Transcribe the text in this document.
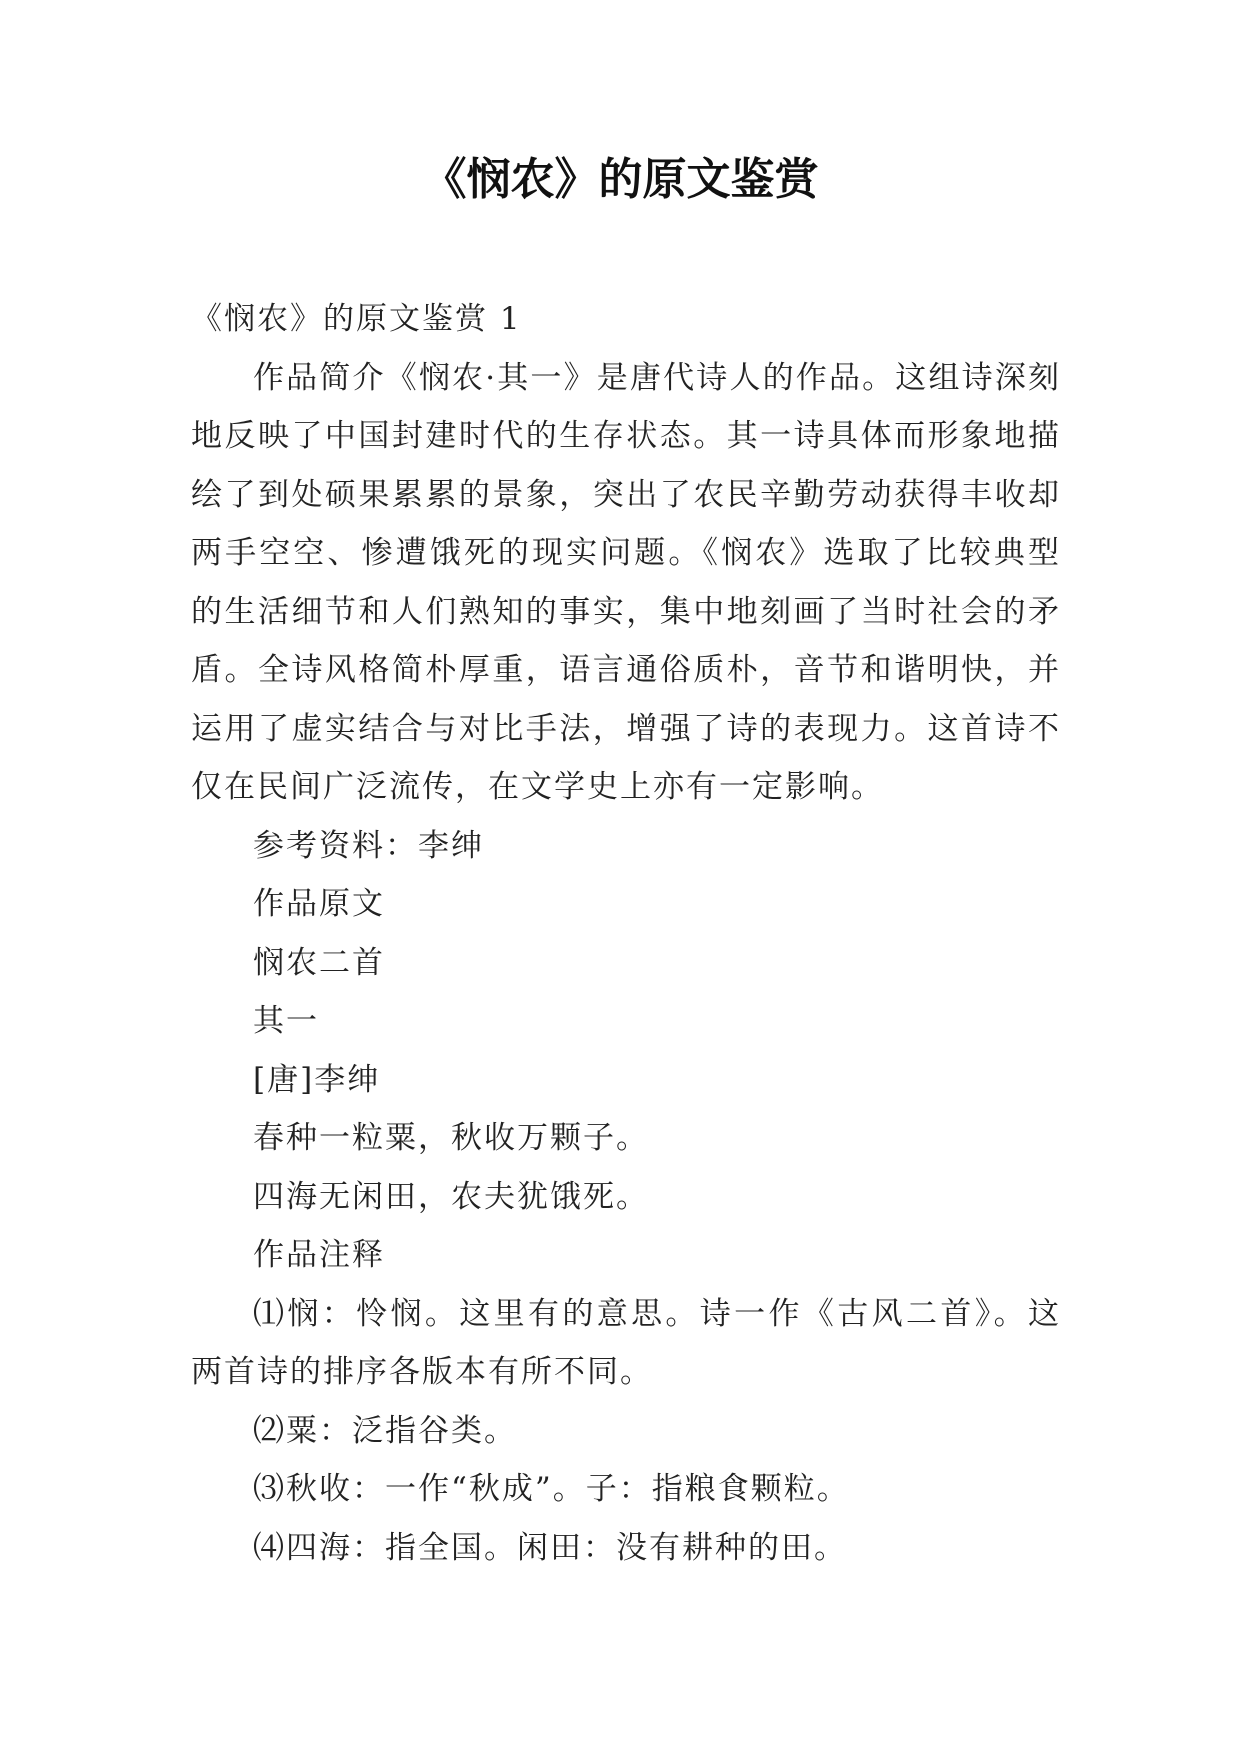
《悯农》的原文鉴赏

《悯农》的原文鉴赏 1

作品简介《悯农·其一》是唐代诗人的作品。这组诗深刻地反映了中国封建时代的生存状态。其一诗具体而形象地描绘了到处硕果累累的景象，突出了农民辛勤劳动获得丰收却两手空空、惨遭饿死的现实问题。《悯农》选取了比较典型的生活细节和人们熟知的事实，集中地刻画了当时社会的矛盾。全诗风格简朴厚重，语言通俗质朴，音节和谐明快，并运用了虚实结合与对比手法，增强了诗的表现力。这首诗不仅在民间广泛流传，在文学史上亦有一定影响。

参考资料：李绅

作品原文

悯农二首

其一

[唐]李绅

春种一粒粟，秋收万颗子。

四海无闲田，农夫犹饿死。

作品注释

⑴悯：怜悯。这里有的意思。诗一作《古风二首》。这两首诗的排序各版本有所不同。

⑵粟：泛指谷类。

⑶秋收：一作“秋成”。子：指粮食颗粒。

⑷四海：指全国。闲田：没有耕种的田。
